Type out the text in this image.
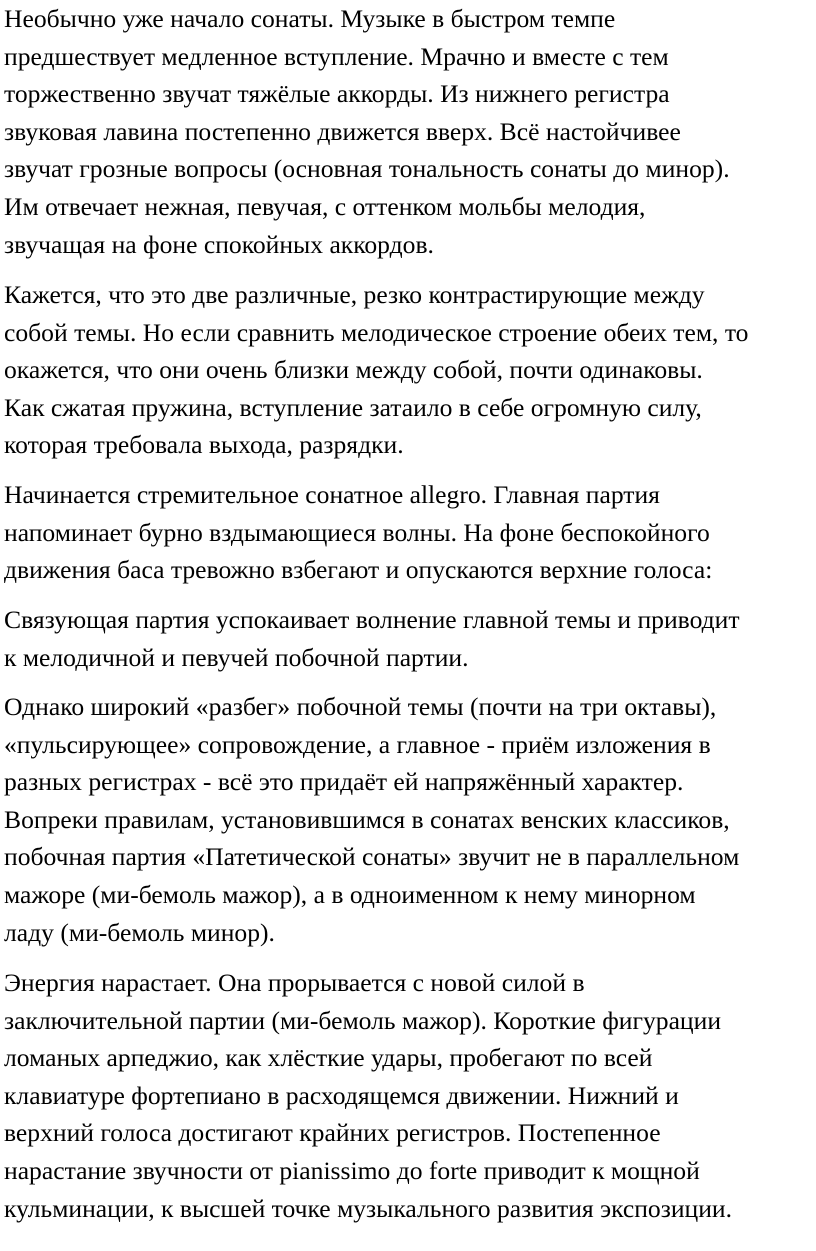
Необычно уже начало сонаты. Музыке в быстром темпе
предшествует медленное вступление. Мрачно и вместе с тем
торжественно звучат тяжёлые аккорды. Из нижнего регистра
звуковая лавина постепенно движется вверх. Всё настойчивее
звучат грозные вопросы (основная тональность сонаты до минор).
Им отвечает нежная, певучая, с оттенком мольбы мелодия,
звучащая на фоне спокойных аккордов.

Кажется, что это две различные, резко контрастирующие между
собой темы. Но если сравнить мелодическое строение обеих тем, то
окажется, что они очень близки между собой, почти одинаковы.
Как сжатая пружина, вступление затаило в себе огромную силу,
которая требовала выхода, разрядки.

Начинается стремительное сонатное allegro. Главная партия
напоминает бурно вздымающиеся волны. На фоне беспокойного
движения баса тревожно взбегают и опускаются верхние голоса:

Связующая партия успокаивает волнение главной темы и приводит
к мелодичной и певучей побочной партии.

Однако широкий «разбег» побочной темы (почти на три октавы),
«пульсирующее» сопровождение, а главное - приём изложения в
разных регистрах - всё это придаёт ей напряжённый характер.
Вопреки правилам, установившимся в сонатах венских классиков,
побочная партия «Патетической сонаты» звучит не в параллельном
мажоре (ми-бемоль мажор), а в одноименном к нему минорном
ладу (ми-бемоль минор).

Энергия нарастает. Она прорывается с новой силой в
заключительной партии (ми-бемоль мажор). Короткие фигурации
ломаных арпеджио, как хлёсткие удары, пробегают по всей
клавиатуре фортепиано в расходящемся движении. Нижний и
верхний голоса достигают крайних регистров. Постепенное
нарастание звучности от pianissimo до forte приводит к мощной
кульминации, к высшей точке музыкального развития экспозиции.
